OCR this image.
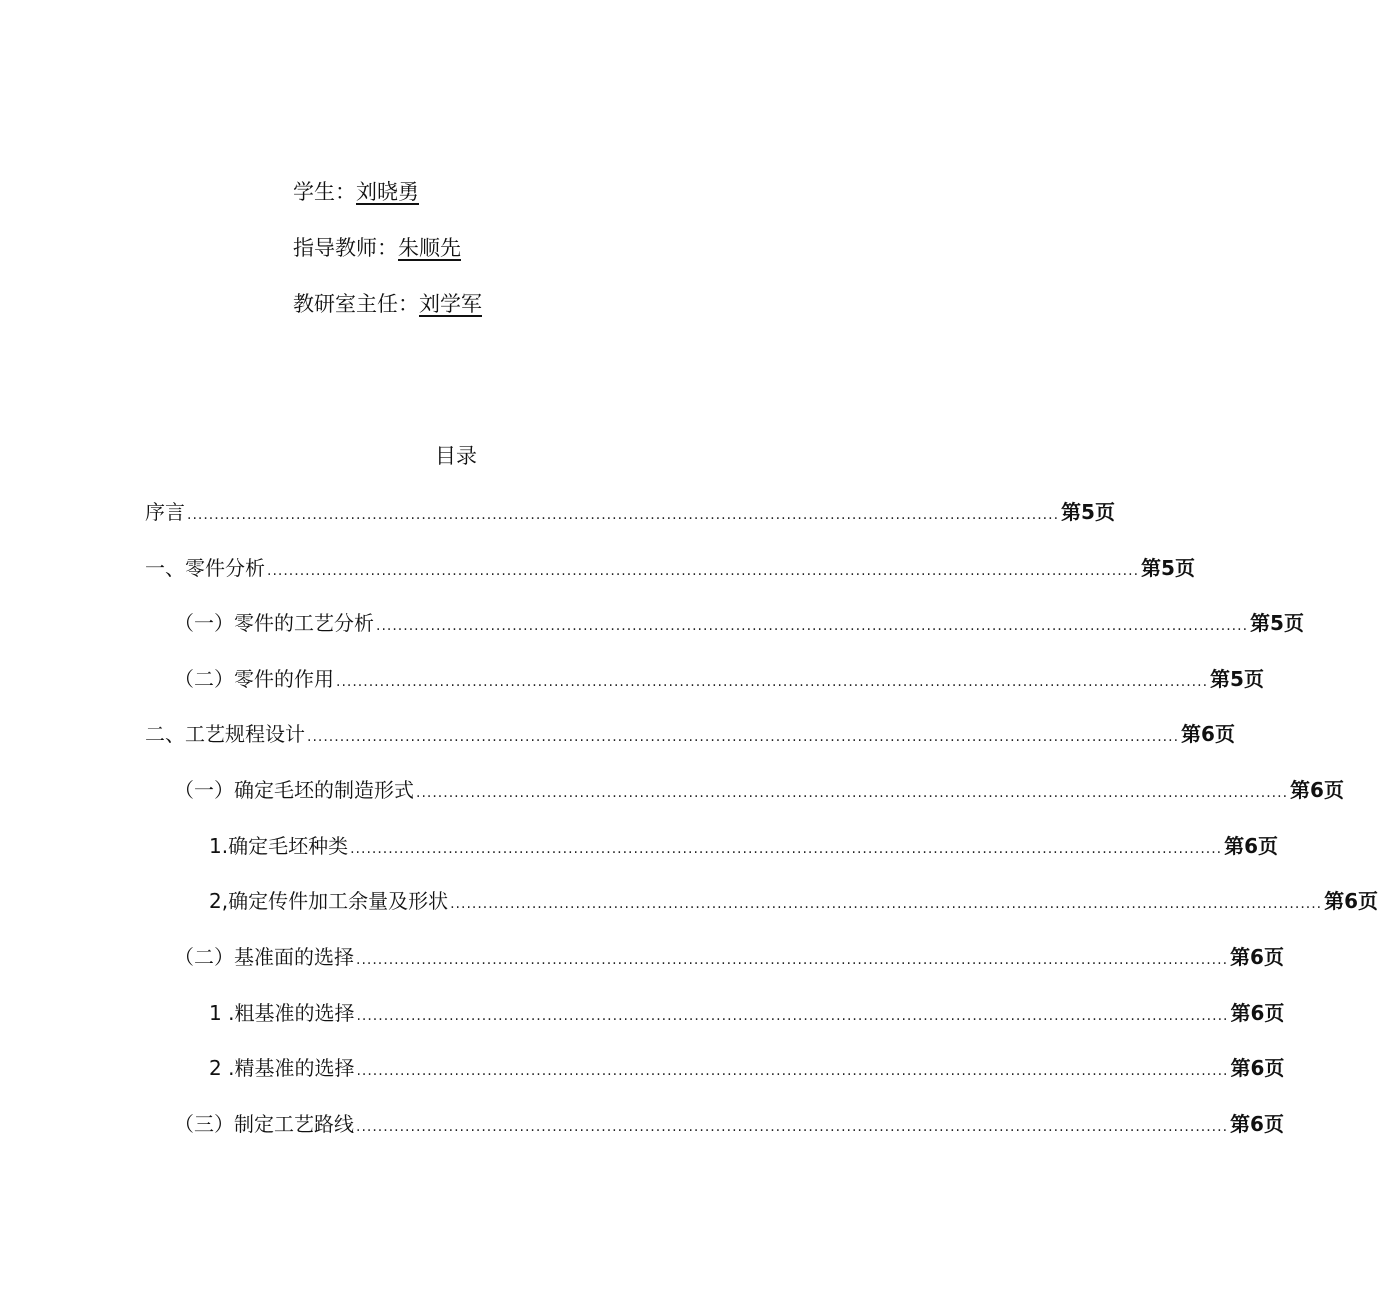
学生：刘晓勇
指导教师：朱顺先
教研室主任：刘学军
目录
序言 ................................................................................................................................................................ 第5页
一、零件分析 ................................................................................................................................................................ 第5页
（一）零件的工艺分析 ................................................................................................................................................................ 第5页
（二）零件的作用 ................................................................................................................................................................ 第5页
二、工艺规程设计 ................................................................................................................................................................ 第6页
（一）确定毛坯的制造形式 ................................................................................................................................................................ 第6页
1.确定毛坯种类 ................................................................................................................................................................ 第6页
2,确定传件加工余量及形状 ................................................................................................................................................................ 第6页
（二）基准面的选择 ................................................................................................................................................................ 第6页
1 .粗基准的选择 ................................................................................................................................................................ 第6页
2 .精基准的选择 ................................................................................................................................................................ 第6页
（三）制定工艺路线 ................................................................................................................................................................ 第6页
